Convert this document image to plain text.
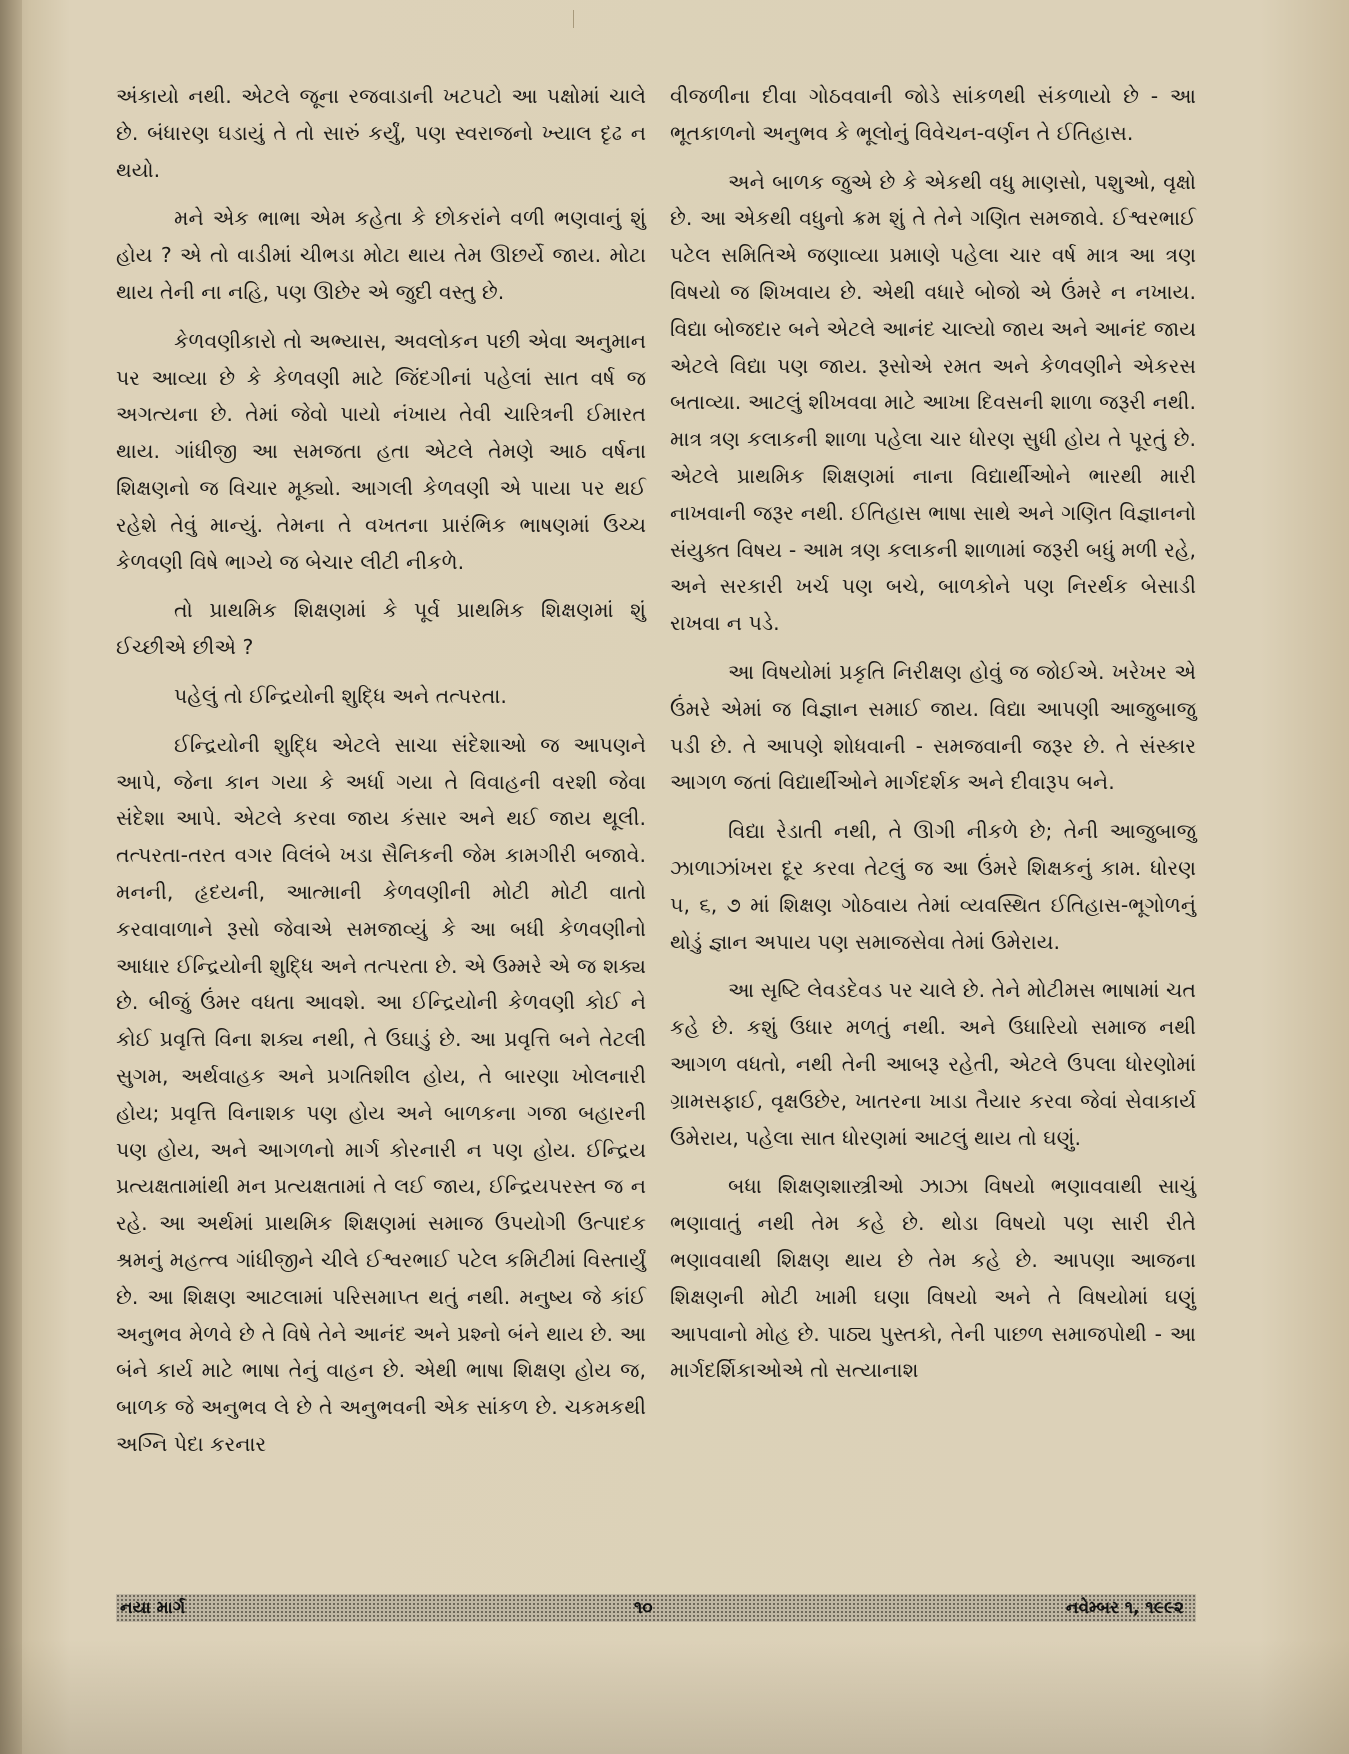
અંકાયો નથી. એટલે જૂના રજવાડાની ખટપટો આ પક્ષોમાં ચાલે છે. બંધારણ ઘડાયું તે તો સારું કર્યું, પણ સ્વરાજનો ખ્યાલ દૃઢ ન થયો.

મને એક ભાભા એમ કહેતા કે છોકરાંને વળી ભણવાનું શું હોય ? એ તો વાડીમાં ચીભડા મોટા થાય તેમ ઊછર્યે જાય. મોટા થાય તેની ના નહિ, પણ ઊછેર એ જુદી વસ્તુ છે.

કેળવણીકારો તો અભ્યાસ, અવલોકન પછી એવા અનુમાન પર આવ્યા છે કે કેળવણી માટે જિંદગીનાં પહેલાં સાત વર્ષ જ અગત્યના છે. તેમાં જેવો પાયો નંખાય તેવી ચારિત્રની ઈમારત થાય. ગાંધીજી આ સમજતા હતા એટલે તેમણે આઠ વર્ષના શિક્ષણનો જ વિચાર મૂક્યો. આગલી કેળવણી એ પાયા પર થઈ રહેશે તેવું માન્યું. તેમના તે વખતના પ્રારંભિક ભાષણમાં ઉચ્ચ કેળવણી વિષે ભાગ્યે જ બેચાર લીટી નીકળે.

તો પ્રાથમિક શિક્ષણમાં કે પૂર્વ પ્રાથમિક શિક્ષણમાં શું ઈચ્છીએ છીએ ?

પહેલું તો ઈન્દ્રિયોની શુદ્ધિ અને તત્પરતા.

ઈન્દ્રિયોની શુદ્ધિ એટલે સાચા સંદેશાઓ જ આપણને આપે, જેના કાન ગયા કે અર્ધા ગયા તે વિવાહની વરશી જેવા સંદેશા આપે. એટલે કરવા જાય કંસાર અને થઈ જાય થૂલી. તત્પરતા-તરત વગર વિલંબે ખડા સૈનિકની જેમ કામગીરી બજાવે. મનની, હૃદયની, આત્માની કેળવણીની મોટી મોટી વાતો કરવાવાળાને રૂસો જેવાએ સમજાવ્યું કે આ બધી કેળવણીનો આધાર ઈન્દ્રિયોની શુદ્ધિ અને તત્પરતા છે. એ ઉમ્મરે એ જ શક્ય છે. બીજું ઉંમર વધતા આવશે. આ ઈન્દ્રિયોની કેળવણી કોઈ ને કોઈ પ્રવૃત્તિ વિના શક્ય નથી, તે ઉઘાડું છે. આ પ્રવૃત્તિ બને તેટલી સુગમ, અર્થવાહક અને પ્રગતિશીલ હોય, તે બારણા ખોલનારી હોય; પ્રવૃત્તિ વિનાશક પણ હોય અને બાળકના ગજા બહારની પણ હોય, અને આગળનો માર્ગ કોરનારી ન પણ હોય. ઈન્દ્રિય પ્રત્યક્ષતામાંથી મન પ્રત્યક્ષતામાં તે લઈ જાય, ઈન્દ્રિયપરસ્ત જ ન રહે. આ અર્થમાં પ્રાથમિક શિક્ષણમાં સમાજ ઉપયોગી ઉત્પાદક શ્રમનું મહત્ત્વ ગાંધીજીને ચીલે ઈશ્વરભાઈ પટેલ કમિટીમાં વિસ્તાર્યું છે. આ શિક્ષણ આટલામાં પરિસમાપ્ત થતું નથી. મનુષ્ય જે કાંઈ અનુભવ મેળવે છે તે વિષે તેને આનંદ અને પ્રશ્નો બંને થાય છે. આ બંને કાર્ય માટે ભાષા તેનું વાહન છે. એથી ભાષા શિક્ષણ હોય જ, બાળક જે અનુભવ લે છે તે અનુભવની એક સાંકળ છે. ચકમકથી અગ્નિ પેદા કરનાર

વીજળીના દીવા ગોઠવવાની જોડે સાંકળથી સંકળાયો છે - આ ભૂતકાળનો અનુભવ કે ભૂલોનું વિવેચન-વર્ણન તે ઈતિહાસ.

અને બાળક જુએ છે કે એકથી વધુ માણસો, પશુઓ, વૃક્ષો છે. આ એકથી વધુનો ક્રમ શું તે તેને ગણિત સમજાવે. ઈશ્વરભાઈ પટેલ સમિતિએ જણાવ્યા પ્રમાણે પહેલા ચાર વર્ષ માત્ર આ ત્રણ વિષયો જ શિખવાય છે. એથી વધારે બોજો એ ઉંમરે ન નખાય. વિદ્યા બોજદાર બને એટલે આનંદ ચાલ્યો જાય અને આનંદ જાય એટલે વિદ્યા પણ જાય. રૂસોએ રમત અને કેળવણીને એકરસ બતાવ્યા. આટલું શીખવવા માટે આખા દિવસની શાળા જરૂરી નથી. માત્ર ત્રણ કલાકની શાળા પહેલા ચાર ધોરણ સુધી હોય તે પૂરતું છે. એટલે પ્રાથમિક શિક્ષણમાં નાના વિદ્યાર્થીઓને ભારથી મારી નાખવાની જરૂર નથી. ઈતિહાસ ભાષા સાથે અને ગણિત વિજ્ઞાનનો સંયુક્ત વિષય - આમ ત્રણ કલાકની શાળામાં જરૂરી બધું મળી રહે, અને સરકારી ખર્ચ પણ બચે, બાળકોને પણ નિરર્થક બેસાડી રાખવા ન પડે.

આ વિષયોમાં પ્રકૃતિ નિરીક્ષણ હોવું જ જોઈએ. ખરેખર એ ઉંમરે એમાં જ વિજ્ઞાન સમાઈ જાય. વિદ્યા આપણી આજુબાજુ પડી છે. તે આપણે શોધવાની - સમજવાની જરૂર છે. તે સંસ્કાર આગળ જતાં વિદ્યાર્થીઓને માર્ગદર્શક અને દીવારૂપ બને.

વિદ્યા રેડાતી નથી, તે ઊગી નીકળે છે; તેની આજુબાજુ ઝાળાઝાંખરા દૂર કરવા તેટલું જ આ ઉંમરે શિક્ષકનું કામ. ધોરણ ૫, ૬, ૭ માં શિક્ષણ ગોઠવાય તેમાં વ્યવસ્થિત ઈતિહાસ-ભૂગોળનું થોડું જ્ઞાન અપાય પણ સમાજસેવા તેમાં ઉમેરાય.

આ સૃષ્ટિ લેવડદેવડ પર ચાલે છે. તેને મોટીમસ ભાષામાં ચત કહે છે. કશું ઉધાર મળતું નથી. અને ઉધારિયો સમાજ નથી આગળ વધતો, નથી તેની આબરૂ રહેતી, એટલે ઉપલા ધોરણોમાં ગ્રામસફાઈ, વૃક્ષઉછેર, ખાતરના ખાડા તૈયાર કરવા જેવાં સેવાકાર્ય ઉમેરાય, પહેલા સાત ધોરણમાં આટલું થાય તો ઘણું.

બધા શિક્ષણશાસ્ત્રીઓ ઝાઝા વિષયો ભણાવવાથી સાચું ભણાવાતું નથી તેમ કહે છે. થોડા વિષયો પણ સારી રીતે ભણાવવાથી શિક્ષણ થાય છે તેમ કહે છે. આપણા આજના શિક્ષણની મોટી ખામી ઘણા વિષયો અને તે વિષયોમાં ઘણું આપવાનો મોહ છે. પાઠ્ય પુસ્તકો, તેની પાછળ સમાજપોથી - આ માર્ગદર્શિકાઓએ તો સત્યાનાશ

નયા માર્ગ	૧૦	નવેમ્બર ૧, ૧૯૯૨
